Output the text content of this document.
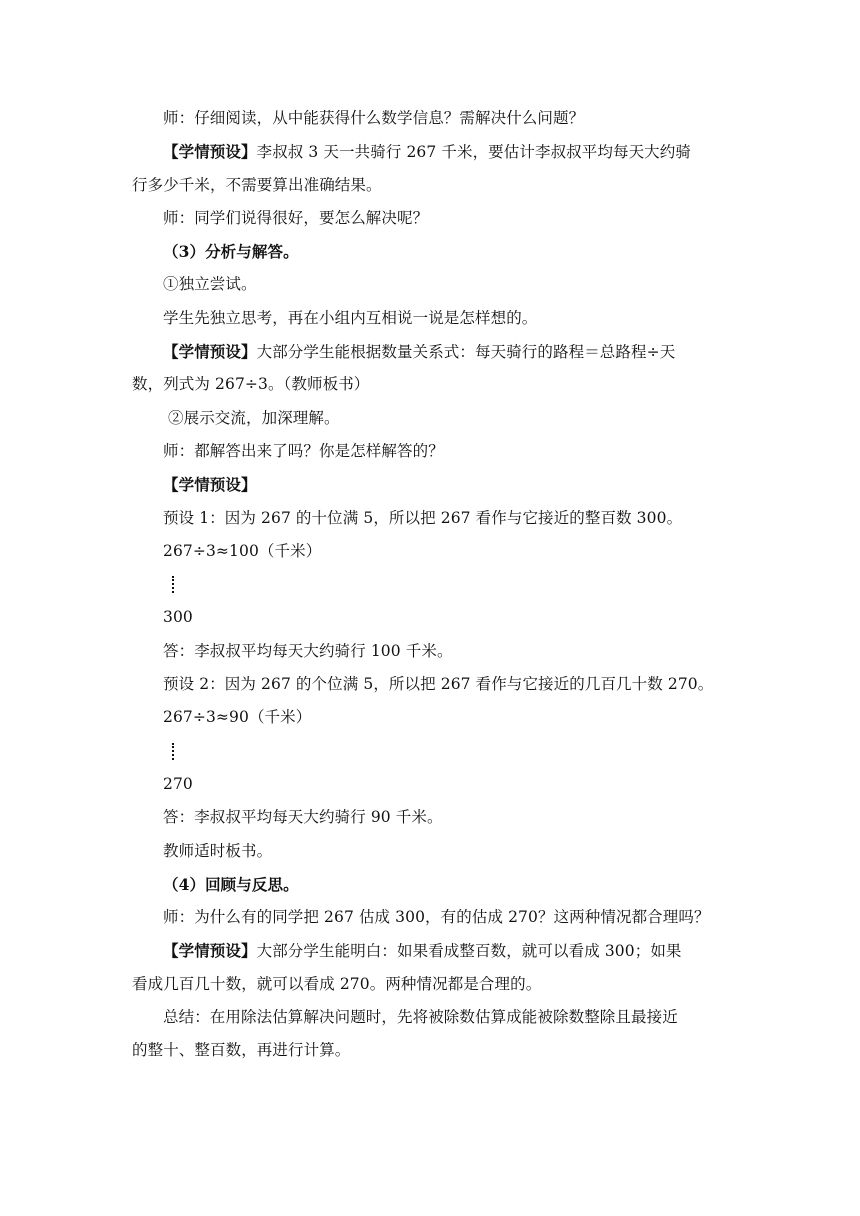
师：仔细阅读，从中能获得什么数学信息？需解决什么问题？
【学情预设】李叔叔 3 天一共骑行 267 千米，要估计李叔叔平均每天大约骑
行多少千米，不需要算出准确结果。
师：同学们说得很好，要怎么解决呢？
（3）分析与解答。
①独立尝试。
学生先独立思考，再在小组内互相说一说是怎样想的。
【学情预设】大部分学生能根据数量关系式：每天骑行的路程＝总路程÷天
数，列式为 267÷3。（教师板书）
②展示交流，加深理解。
师：都解答出来了吗？你是怎样解答的？
【学情预设】
预设 1：因为 267 的十位满 5，所以把 267 看作与它接近的整百数 300。
267÷3≈100（千米）
300
答：李叔叔平均每天大约骑行 100 千米。
预设 2：因为 267 的个位满 5，所以把 267 看作与它接近的几百几十数 270。
267÷3≈90（千米）
270
答：李叔叔平均每天大约骑行 90 千米。
教师适时板书。
（4）回顾与反思。
师：为什么有的同学把 267 估成 300，有的估成 270？这两种情况都合理吗？
【学情预设】大部分学生能明白：如果看成整百数，就可以看成 300；如果
看成几百几十数，就可以看成 270。两种情况都是合理的。
总结：在用除法估算解决问题时，先将被除数估算成能被除数整除且最接近
的整十、整百数，再进行计算。
